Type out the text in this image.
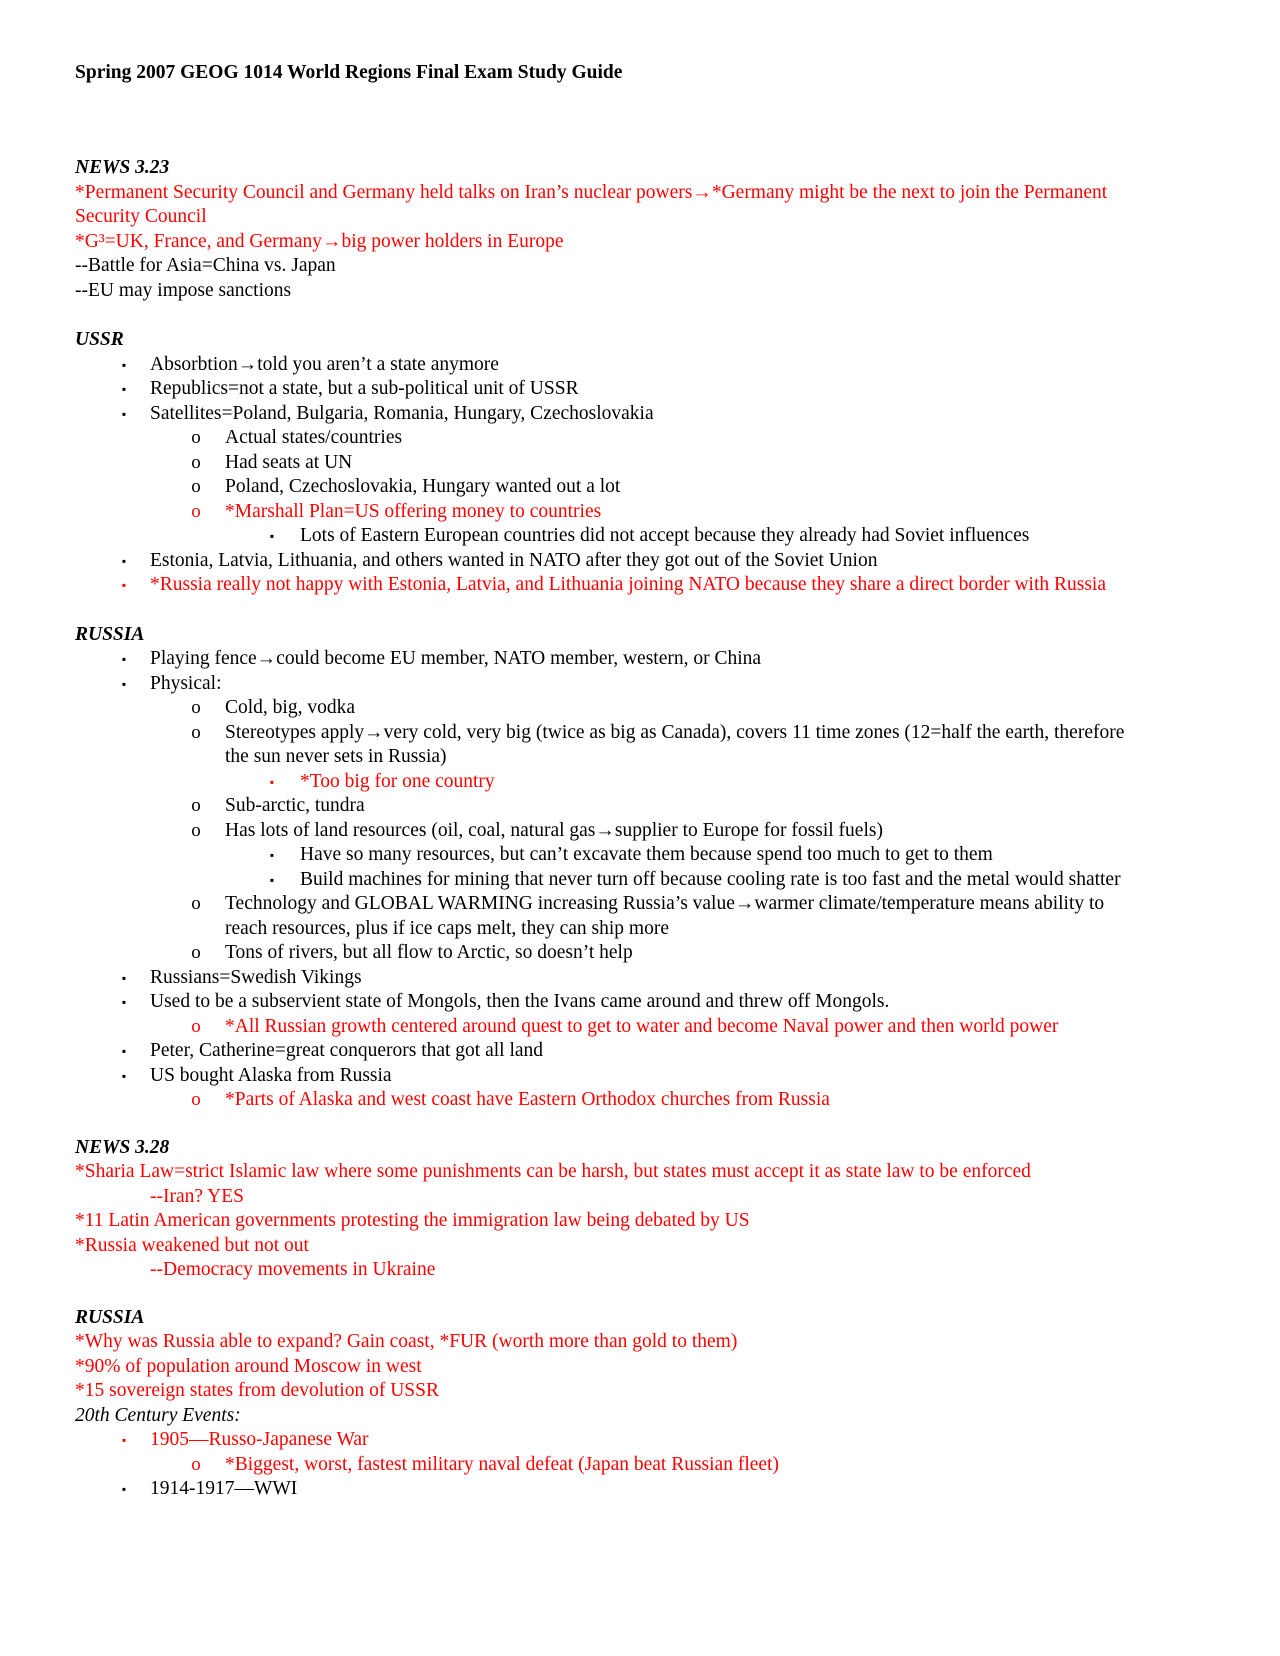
Spring 2007 GEOG 1014 World Regions Final Exam Study Guide
NEWS 3.23
*Permanent Security Council and Germany held talks on Iran’s nuclear powers→*Germany might be the next to join the Permanent
Security Council
*G³=UK, France, and Germany→big power holders in Europe
--Battle for Asia=China vs. Japan
--EU may impose sanctions
USSR
▪	Absorbtion→told you aren’t a state anymore
▪	Republics=not a state, but a sub-political unit of USSR
▪	Satellites=Poland, Bulgaria, Romania, Hungary, Czechoslovakia
o Actual states/countries
o Had seats at UN
o Poland, Czechoslovakia, Hungary wanted out a lot
o *Marshall Plan=US offering money to countries
▪	Lots of Eastern European countries did not accept because they already had Soviet influences
▪	Estonia, Latvia, Lithuania, and others wanted in NATO after they got out of the Soviet Union
▪	*Russia really not happy with Estonia, Latvia, and Lithuania joining NATO because they share a direct border with Russia
RUSSIA
▪	Playing fence→could become EU member, NATO member, western, or China
▪	Physical:
o Cold, big, vodka
o Stereotypes apply→very cold, very big (twice as big as Canada), covers 11 time zones (12=half the earth, therefore
the sun never sets in Russia)
▪	*Too big for one country
o Sub-arctic, tundra
o Has lots of land resources (oil, coal, natural gas→supplier to Europe for fossil fuels)
▪	Have so many resources, but can’t excavate them because spend too much to get to them
▪	Build machines for mining that never turn off because cooling rate is too fast and the metal would shatter
o Technology and GLOBAL WARMING increasing Russia’s value→warmer climate/temperature means ability to
reach resources, plus if ice caps melt, they can ship more
o Tons of rivers, but all flow to Arctic, so doesn’t help
▪	Russians=Swedish Vikings
▪	Used to be a subservient state of Mongols, then the Ivans came around and threw off Mongols.
o *All Russian growth centered around quest to get to water and become Naval power and then world power
▪	Peter, Catherine=great conquerors that got all land
▪	US bought Alaska from Russia
o *Parts of Alaska and west coast have Eastern Orthodox churches from Russia
NEWS 3.28
*Sharia Law=strict Islamic law where some punishments can be harsh, but states must accept it as state law to be enforced
--Iran? YES
*11 Latin American governments protesting the immigration law being debated by US
*Russia weakened but not out
--Democracy movements in Ukraine
RUSSIA
*Why was Russia able to expand? Gain coast, *FUR (worth more than gold to them)
*90% of population around Moscow in west
*15 sovereign states from devolution of USSR
20th Century Events:
▪	1905—Russo-Japanese War
o *Biggest, worst, fastest military naval defeat (Japan beat Russian fleet)
▪	1914-1917—WWI
